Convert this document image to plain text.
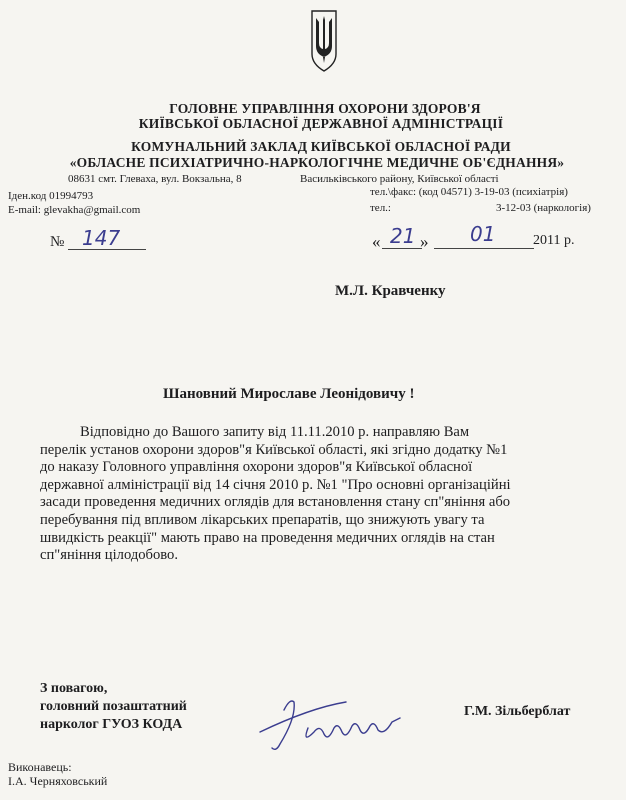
ГОЛОВНЕ УПРАВЛІННЯ ОХОРОНИ ЗДОРОВ'Я
КИЇВСЬКОЇ ОБЛАСНОЇ ДЕРЖАВНОЇ АДМІНІСТРАЦІЇ
КОМУНАЛЬНИЙ ЗАКЛАД КИЇВСЬКОЇ ОБЛАСНОЇ РАДИ
«ОБЛАСНЕ ПСИХІАТРИЧНО-НАРКОЛОГІЧНЕ МЕДИЧНЕ ОБ'ЄДНАННЯ»
08631 смт. Глеваха, вул. Вокзальна, 8	Васильківського району, Київської області
Іден.код 01994793
E-mail: glevakha@gmail.com
тел.\факс: (код 04571) 3-19-03 (психіатрія)
тел.:	3-12-03 (наркологія)
№ 147	« 21 » 01	2011 р.
М.Л. Кравченку
Шановний Мирославе Леонідовичу !

Відповідно до Вашого запиту від 11.11.2010 р. направляю Вам

перелік установ охорони здоров"я Київської області, які згідно додатку №1
до наказу Головного управління охорони здоров"я Київської обласної
державної алміністрації від 14 січня 2010 р. №1 "Про основні організаційні
засади проведення медичних оглядів для встановлення стану сп"яніння або
перебування під впливом лікарських препаратів, що знижують увагу та
швидкість реакції" мають право на проведення медичних оглядів на стан
сп"яніння цілодобово.
З повагою,
головний позаштатний
нарколог ГУОЗ КОДА
Г.М. Зільберблат
Виконавець:
І.А. Черняховський
